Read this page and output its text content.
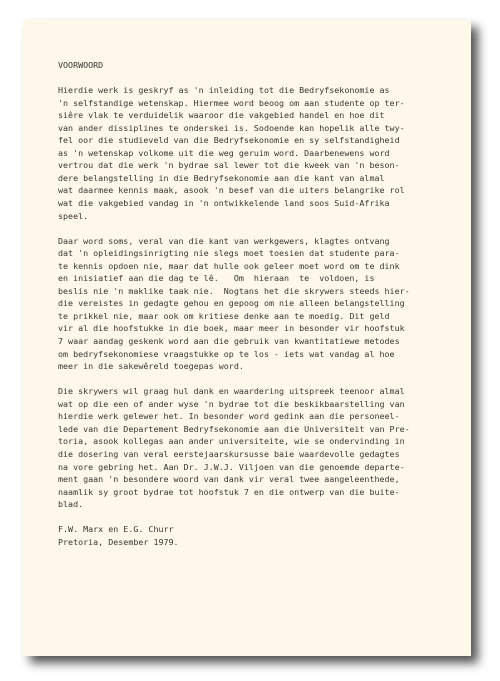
VOORWOORD
Hierdie werk is geskryf as 'n inleiding tot die Bedryfsekonomie as
'n selfstandige wetenskap. Hiermee word beoog om aan studente op ter-
siêre vlak te verduidelik waaroor die vakgebied handel en hoe dit
van ander dissiplines te onderskei is. Sodoende kan hopelik alle twy-
fel oor die studieveld van die Bedryfsekonomie en sy selfstandigheid
as 'n wetenskap volkome uit die weg geruim word. Daarbenewens word
vertrou dat die werk 'n bydrae sal lewer tot die kweek van 'n beson-
dere belangstelling in die Bedryfsekonomie aan die kant van almal
wat daarmee kennis maak, asook 'n besef van die uiters belangrike rol
wat die vakgebied vandag in 'n ontwikkelende land soos Suid-Afrika
speel.
Daar word soms, veral van die kant van werkgewers, klagtes ontvang
dat 'n opleidingsinrigting nie slegs moet toesien dat studente para-
te kennis opdoen nie, maar dat hulle ook geleer moet word om te dink
en inisiatief aan die dag te lê.   Om  hieraan  te  voldoen, is
beslis nie 'n maklike taak nie.  Nogtans het die skrywers steeds hier-
die vereistes in gedagte gehou en gepoog om nie alleen belangstelling
te prikkel nie, maar ook om kritiese denke aan te moedig. Dit geld
vir al die hoofstukke in die boek, maar meer in besonder vir hoofstuk
7 waar aandag geskenk word aan die gebruik van kwantitatiewe metodes
om bedryfsekonomiese vraagstukke op te los - iets wat vandag al hoe
meer in die sakewêreld toegepas word.
Die skrywers wil graag hul dank en waardering uitspreek teenoor almal
wat op die een of ander wyse 'n bydrae tot die beskikbaarstelling van
hierdie werk gelewer het. In besonder word gedink aan die personeel-
lede van die Departement Bedryfsekonomie aan die Universiteit van Pre-
toria, asook kollegas aan ander universiteite, wie se ondervinding in
die dosering van veral eerstejaarskursusse baie waardevolle gedagtes
na vore gebring het. Aan Dr. J.W.J. Viljoen van die genoemde departe-
ment gaan 'n besondere woord van dank vir veral twee aangeleenthede,
naamlik sy groot bydrae tot hoofstuk 7 en die ontwerp van die buite-
blad.
F.W. Marx en E.G. Churr
Pretoria, Desember 1979.
